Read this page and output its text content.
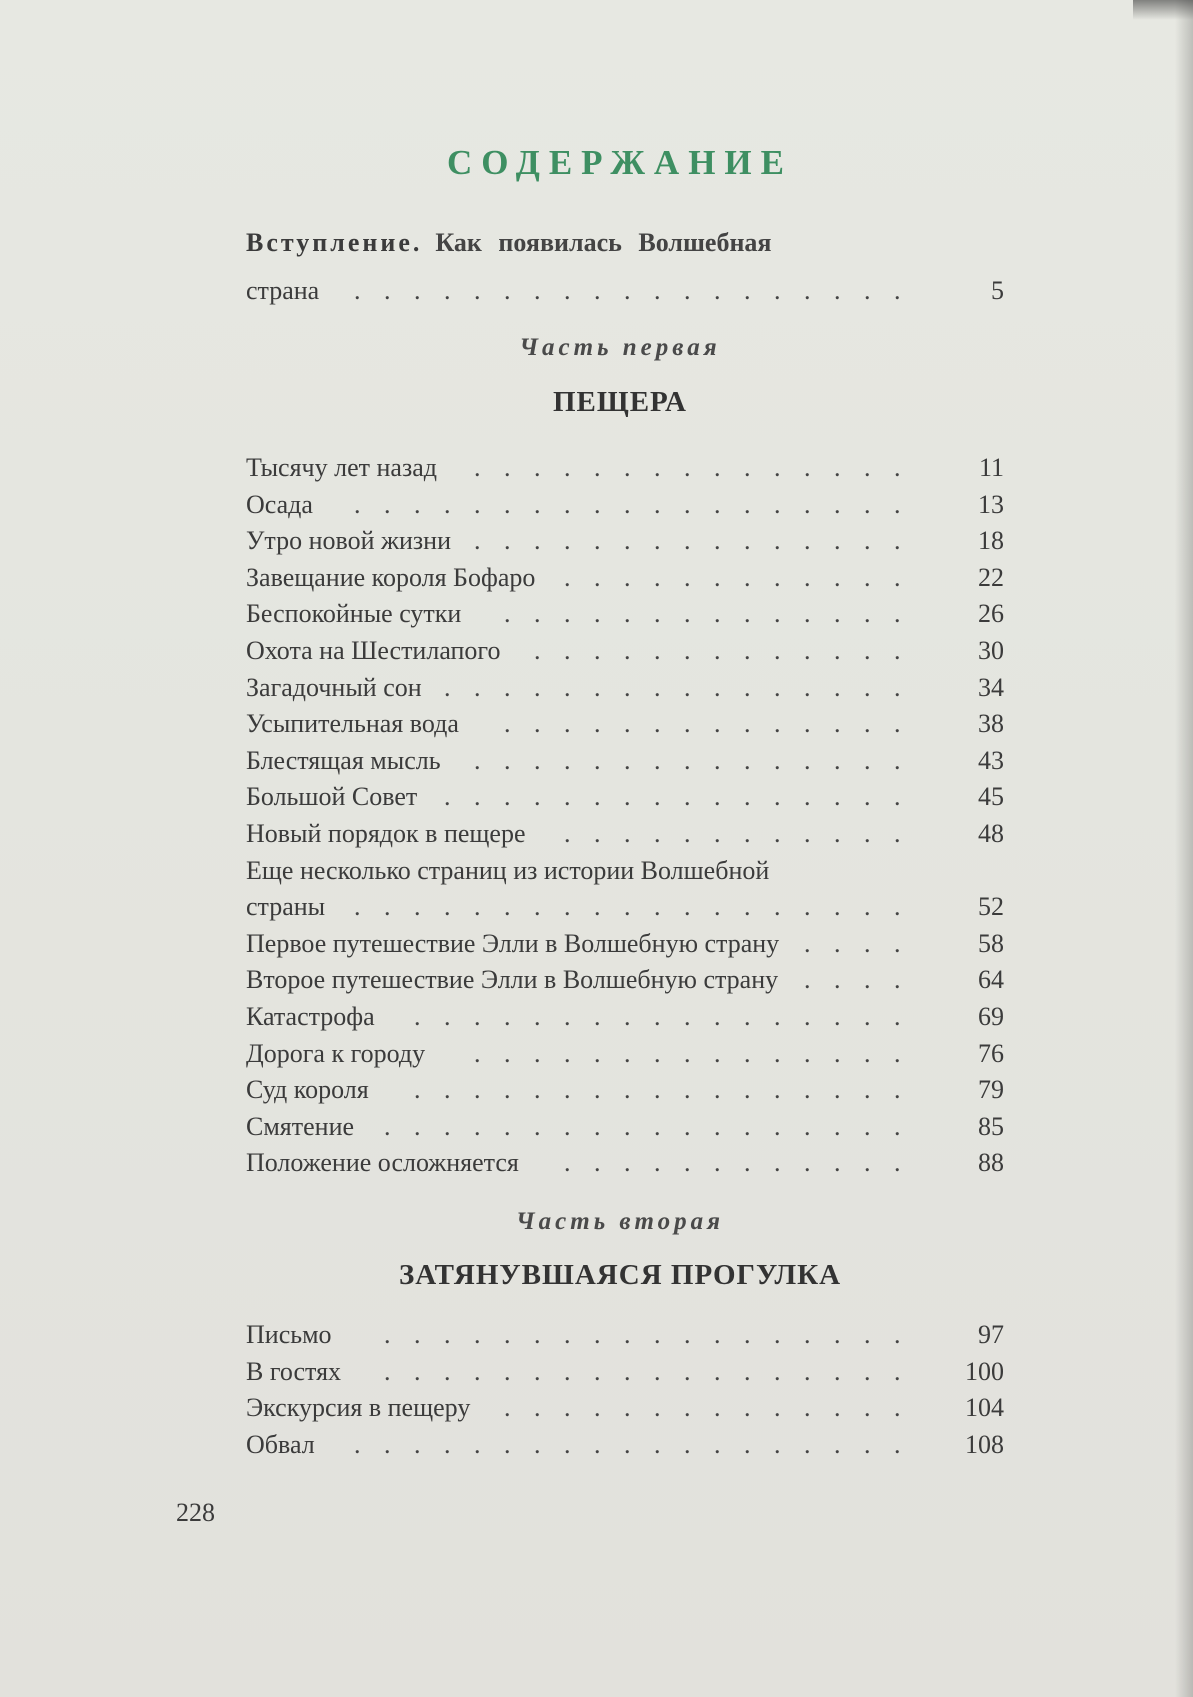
СОДЕРЖАНИЕ
Вступление. Как появилась Волшебная
страна	...................	5
Часть первая
ПЕЩЕРА
Тысячу лет назад	............... 11
Осада	................... 13
Утро новой жизни ............... 18
Завещание короля Бофаро	............ 22
Беспокойные сутки	.............. 26
Охота на Шестилапого	............. 30
Загадочный сон ................ 34
Усыпительная вода	.............. 38
Блестящая мысль	............... 43
Большой Совет	................ 45
Новый порядок в пещере	............ 48
Еще несколько страниц из истории Волшебной
страны	................... 52
Первое путешествие Элли в Волшебную страну .... 58
Второе путешествие Элли в Волшебную страну .... 64
Катастрофа	................. 69
Дорога к городу	............... 76
Суд короля	................. 79
Смятение	.................. 85
Положение осложняется	............ 88
Часть вторая
ЗАТЯНУВШАЯСЯ ПРОГУЛКА
Письмо	.................. 97
В гостях	.................. 100
Экскурсия в пещеру	.............. 104
Обвал	................... 108
228
